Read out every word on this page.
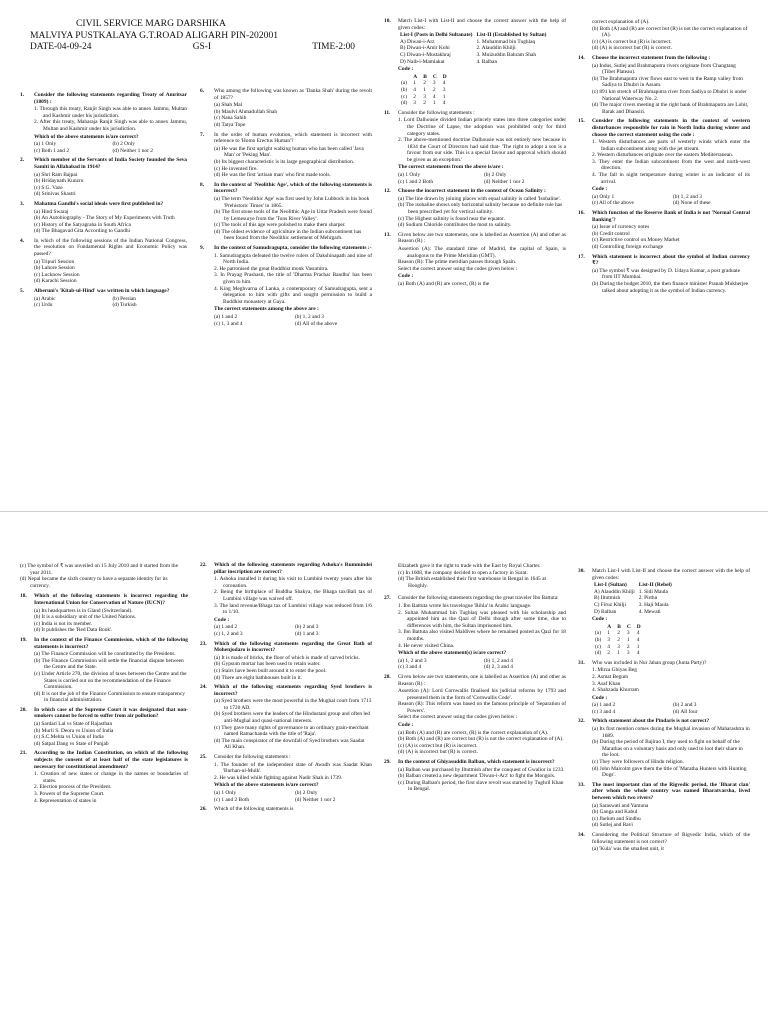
CIVIL SERVICE MARG DARSHIKA
MALVIYA PUSTKALAYA G.T.ROAD ALIGARH PIN-202001
DATE-04-09-24	GS-I	TIME-2:00
1.	Consider the following statements regarding Treaty of Amritsar (1809) :
1. Through this treaty, Ranjit Singh was able to annex Jammu, Multan and Kashmir under his jurisdiction.
2. After this treaty, Maharaja Ranjit Singh was able to annex Jammu, Multan and Kashmir under his jurisdiction.
Which of the above statements is/are correct?
(a) 1 Only	(b) 2 Only
(c) Both 1 and 2	(d) Neither 1 nor 2
2.	Which member of the Servants of India Society founded the Seva Samiti in Allahabad in 1914?
(a) Shri Ram Bajpai
(b) Hridaynath Kunzru
(c) S.G. Vaze
(d) Srinivas Shastri
3.	Mahatma Gandhi's social ideals were first published in?
(a) Hind Swaraj
(b) An Autobiography - The Story of My Experiments with Truth
(c) History of the Satyagraha in South Africa
(d) The Bhagavad Gita According to Gandhi
4.	In which of the following sessions of the Indian National Congress, the resolution on Fundamental Rights and Economic Policy was passed?
(a) Tripuri Session
(b) Lahore Session
(c) Lucknow Session
(d) Karachi Session
5.	Alberuni's 'Kitab-ul-Hind' was written in which language?
(a) Arabic	(b) Persian
(c) Urdu	(d) Turkish
6.	Who among the following was known as 'Danka Shah' during the revolt of 1857?
(a) Shah Mal
(b) Maulvi Ahmadullah Shah
(c) Nana Sahib
(d) Tatya Tope
7.	In the order of human evolution, which statement is incorrect with reference to 'Homo Erectus Human'?
(a) He was the first upright walking human who has been called 'Java Man' or 'Peking Man'.
(b) Its biggest characteristic is its large geographical distribution.
(c) He invented fire.
(d) He was the first 'artisan man' who first made tools.
8.	In the context of 'Neolithic Age', which of the following statements is incorrect?
(a) The term 'Neolithic Age' was first used by John Lubbock in his book 'Prehistoric Times' in 1865.
(b) The first stone tools of the Neolithic Age in Uttar Pradesh were found by Lemesurye from the 'Tons River Valley'.
(c) The tools of this age were polished to make them sharper.
(d) The oldest evidence of agriculture in the Indian subcontinent has been found from the Neolithic settlement of Mehrgarh.
9.	In the context of Samudragupta, consider the following statements :-
1. Samudragupta defeated the twelve rulers of Dakshinapath and nine of North India.
2. He patronised the great Buddhist monk Vasumitra.
3. In Prayag Prashasti, the title of 'Dharma Prachar Bandhu' has been given to him.
4. King Meghvarna of Lanka, a contemporary of Samudragupta, sent a delegation to him with gifts and sought permission to build a Buddhist monastery at Gaya.
The correct statements among the above are :
(a) 1 and 2	(b) 1, 2 and 3
(c) 1, 3 and 4	(d) All of the above
10.	Match List-I with List-II and choose the correct answer with the help of given codes:
List-I (Posts in Delhi Sultanate)	List-II (Established by Sultan)
A) Diwan-i-Arz	1. Muhammad bin Tughlaq
B) Diwan-i-Amir Kohi	2. Alauddin Khilji
C) Diwan-i-Mustakhraj	3. Muizuddin Bahram Shah
D) Naib-i-Mamlakat	4. Balban
Code :
	A	B	C	D
(a)	1	2	3	4
(b)	4	1	2	3
(c)	2	3	4	1
(d)	3	2	1	4
11.	Consider the following statements :
1. Lord Dalhousie divided Indian princely states into three categories under the Doctrine of Lapse, the adoption was prohibited only for third category states.
2. The above-mentioned doctrine Dalhousie was not entirely new because in 1834 the Court of Directors had said that- 'The right to adopt a son is a favour from our side. This is a special favour and approval which should be given as an exception.'
The correct statements from the above is/are :
(a) 1 Only	(b) 2 Only
(c) 1 and 2 Both	(d) Neither 1 nor 2
12.	Choose the incorrect statement in the context of Ocean Salinity :
(a) The line drawn by joining places with equal salinity is called 'Isohaline'.
(b) The isohaline shows only horizontal salinity because no definite rule has been prescribed yet for vertical salinity.
(c) The Highest salinity is found near the equator.
(d) Sodium Chloride contributes the most to salinity.
13.	Given below are two statements, one is labelled as Assertion (A) and other as Reason (R) :
Assertion (A): The standard time of Madrid, the capital of Spain, is analogous to the Prime Meridian (GMT).
Reason (R): The prime meridian passes through Spain.
Select the correct answer using the codes given below :
Code :
(a) Both (A) and (R) are correct, (R) is the
correct explanation of (A).
(b) Both (A) and (R) are correct but (R) is not the correct explanation of (A).
(c) (A) is correct but (R) is incorrect.
(d) (A) is incorrect but (R) is correct.
14.	Choose the incorrect statement from the following :
(a) Indus, Sutlej and Brahmaputra rivers originate from Changtang (Tibet Plateau).
(b) The Brahmaputra river flows east to west in the Ramp valley from Sadiya to Dhubri in Assam.
(c) 891 km stretch of Brahmaputra river from Sadiya to Dhubri is under National Waterway No. 2.
(d) The major rivers meeting at the right bank of Brahmaputra are Lohit, Barak and Dhansiri.
15.	Consider the following statements in the context of western disturbances responsible for rain in North India during winter and choose the correct statement using the code :
1. Western disturbances are parts of westerly winds which enter the Indian subcontinent along with the jet stream.
2. Western disturbances originate over the eastern Mediterranean.
3. They enter the Indian subcontinent from the west and north-west direction.
4. The fall in night temperature during winter is an indicator of its arrival.
Code :
(a) Only 1	(b) 1, 2 and 3
(c) All of the above	(d) None of these
16.	Which function of the Reserve Bank of India is not 'Normal Central Banking'?
(a) Issue of currency notes
(b) Credit control
(c) Restrictive control on Money Market
(d) Controlling foreign exchange
17.	Which statement is incorrect about the symbol of Indian currency ₹?
(a) The symbol ₹ was designed by D. Udaya Kumar, a post graduate from IIT Mumbai.
(b) During the budget 2010, the then finance minister Pranab Mukherjee talked about adopting it as the symbol of Indian currency.
(c) The symbol of ₹ was unveiled on 15 July 2010 and it started from the year 2011.
(d) Nepal became the sixth country to have a separate identity for its currency.
18.	Which of the following statements is incorrect regarding the International Union for Conservation of Nature (IUCN)?
(a) Its headquarters is in Gland (Switzerland).
(b) It is a subsidiary unit of the United Nations.
(c) India is not its member.
(d) It publishes the 'Red Data Book'.
19.	In the context of the Finance Commission, which of the following statements is incorrect?
(a) The Finance Commission will be constituted by the President.
(b) The Finance Commission will settle the financial dispute between the Centre and the State.
(c) Under Article 270, the division of taxes between the Centre and the States is carried out on the recommendation of the Finance Commission.
(d) It is not the job of the Finance Commission to ensure transparency in financial administration.
20.	In which case of the Supreme Court it was designated that non-smokers cannot be forced to suffer from air pollution?
(a) Sardari Lal vs State of Rajasthan
(b) Murli S. Deora vs Union of India
(c) S.C.Mehta vs Union of India
(d) Satpal Dang vs State of Punjab
21.	According to the Indian Constitution, on which of the following subjects the consent of at least half of the state legislatures is necessary for constitutional amendment?
1. Creation of new states or change in the names or boundaries of states.
2. Election process of the President.
3. Powers of the Supreme Court.
4. Representation of states in
22.	Which of the following statements regarding Ashoka's Rummindei pillar inscription are correct?
1. Ashoka installed it during his visit to Lumbini twenty years after his coronation.
2. Being the birthplace of Buddha Shakya, the Bhaga tax/Bali tax of Lumbini village was waived off.
3. The land revenue/Bhaga tax of Lumbini village was reduced from 1/6 to 1/10.
Code :
(a) 1 and 2	(b) 2 and 3
(c) 1, 2 and 3	(d) 1 and 3
23.	Which of the following statements regarding the Great Bath of Mohenjodaro is incorrect?
(a) It is made of bricks, the floor of which is made of carved bricks.
(b) Gypsum mortar has been used to retain water.
(c) Stairs have been built around it to enter the pool.
(d) There are eight bathhouses built in it.
24.	Which of the following statements regarding Syed brothers is incorrect?
(a) Syed brothers were the most powerful in the Mughal court from 1713 to 1720 AD.
(b) Syed brothers were the leaders of the Hindustani group and often led anti-Mughal and quasi-national interests.
(c) They gave many rights of governance to an ordinary grain-merchant named Ratnachanda with the title of 'Raja'.
(d) The main conspirator of the downfall of Syed brothers was Saadat Ali Khan.
25.	Consider the following statements :
1. The founder of the independent state of Awadh was Saadat Khan 'Burhan-ul-Mulk'.
2. He was killed while fighting against Nadir Shah in 1739.
Which of the above statements is/are correct?
(a) 1 Only	(b) 2 Only
(c) 1 and 2 Both	(d) Neither 1 nor 2
26.	Which of the following statements is
Elizabeth gave it the right to trade with the East by Royal Charter.
(c) In 1608, the company decided to open a factory in Surat.
(d) The British established their first warehouse in Bengal in 1645 at Hooghly.
27.	Consider the following statements regarding the great traveler Ibn Battuta:
1. Ibn Battuta wrote his travelogue 'Rihla' in Arabic language.
2. Sultan Muhammad bin Tughlaq was pleased with his scholarship and appointed him as the Qazi of Delhi though after some time, due to differences with him, the Sultan imprisoned him.
3. Ibn Battuta also visited Maldives where he remained posted as Qazi for 18 months.
4. He never visited China.
Which of the above statement(s) is/are correct?
(a) 1, 2 and 3	(b) 1, 2 and 4
(c) 3 and 4	(d) 2, 3 and 4
28.	Given below are two statements, one is labelled as Assertion (A) and other as Reason (R) :
Assertion (A): Lord Cornwallis finalised his judicial reforms by 1793 and presented them in the form of 'Cornwallis Code'.
Reason (R): This reform was based on the famous principle of 'Separation of Powers'.
Select the correct answer using the codes given below :
Code :
(a) Both (A) and (R) are correct, (R) is the correct explanation of (A).
(b) Both (A) and (R) are correct but (R) is not the correct explanation of (A).
(c) (A) is correct but (R) is incorrect.
(d) (A) is incorrect but (R) is correct.
29.	In the context of Ghiyasuddin Balban, which statement is incorrect?
(a) Balban was purchased by Iltutmish after the conquest of Gwalior in 1233.
(b) Balban created a new department 'Diwan-i-Arz' to fight the Mongols.
(c) During Balban's period, the first slave revolt was started by Tughril Khan in Bengal.
30.	Match List-I with List-II and choose the correct answer with the help of given codes:
List-I (Sultan)	List-II (Rebel)
A) Alauddin Khilji	1. Sidi Maula
B) Iltutmish	2. Pirthu
C) Firuz Khilji	3. Haji Maula
D) Balban	4. Mewati
Code :
	A	B	C	D
(a)	1	2	3	4
(b)	3	2	1	4
(c)	4	3	2	1
(d)	2	1	3	4
31.	Who was included in Nur Jahan group (Junta Party)?
1. Mirza Ghiyas Beg
2. Asmat Begum
3. Asaf Khan
4. Shahzada Khurram
Code :
(a) 1 and 2	(b) 2 and 3
(c) 3 and 4	(d) All four
32.	Which statement about the Pindaris is not correct?
(a) Its first mention comes during the Mughal invasion of Maharashtra in 1689.
(b) During the period of Bajirao I, they used to fight on behalf of the Marathas on a voluntary basis and only used to loot their share in the loot.
(c) They were followers of Hindu religion.
(d) John Malcolm gave them the title of 'Maratha Hunters with Hunting Dogs'.
33.	The most important clan of the Rigvedic period, the 'Bharat clan' after whom the whole country was named Bharatvarsha, lived between which two rivers?
(a) Saraswati and Yamuna
(b) Ganga and Kabul
(c) Jhelum and Sindhu
(d) Sutlej and Ravi
34.	Considering the Political Structure of Rigvedic India, which of the following statement is not correct?
(a) 'Kula' was the smallest unit, it
